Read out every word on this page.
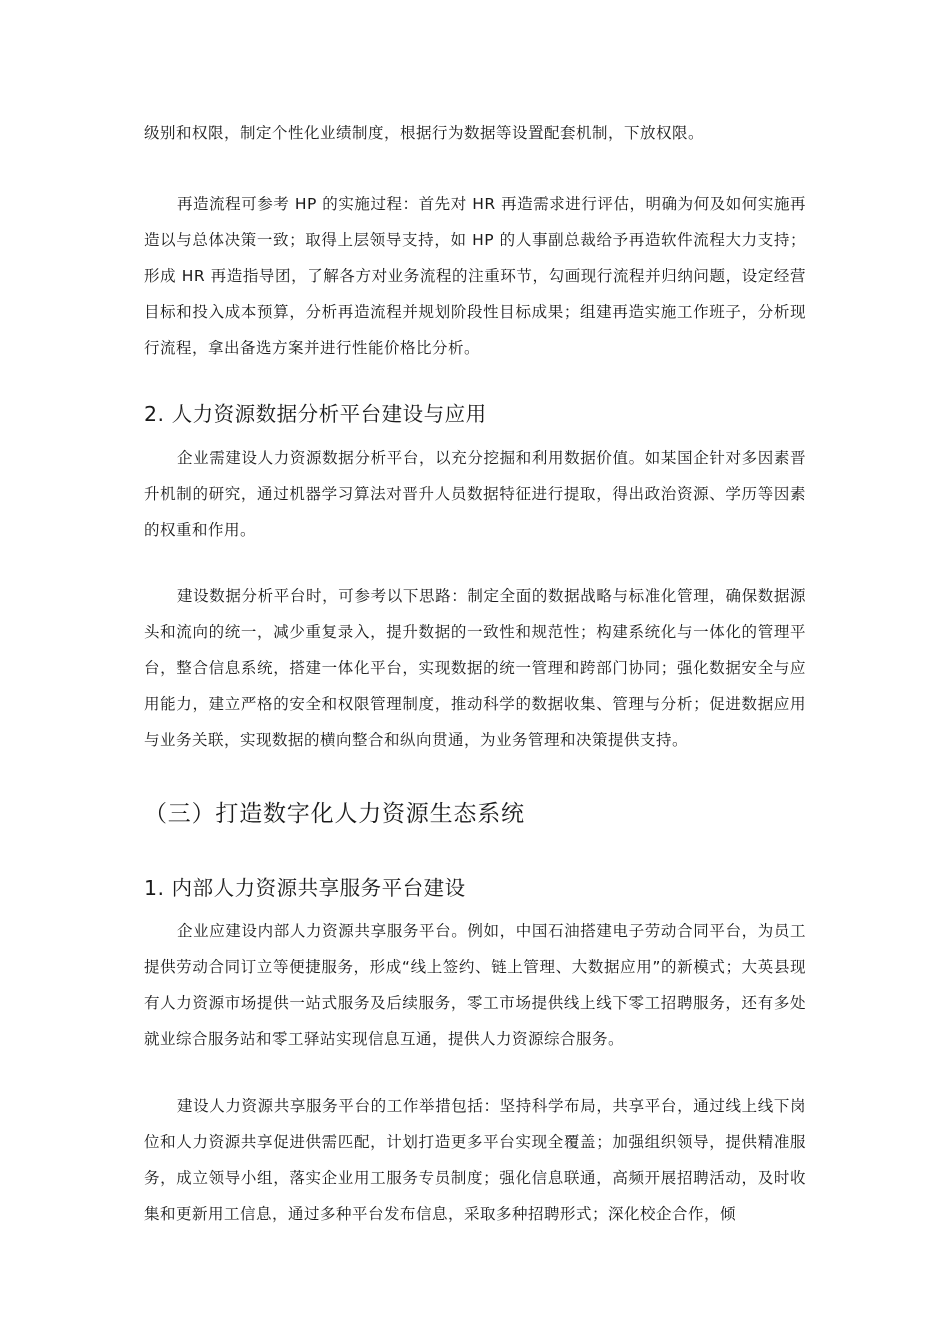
级别和权限，制定个性化业绩制度，根据行为数据等设置配套机制，下放权限。

再造流程可参考 HP 的实施过程：首先对 HR 再造需求进行评估，明确为何及如何实施再造以与总体决策一致；取得上层领导支持，如 HP 的人事副总裁给予再造软件流程大力支持；形成 HR 再造指导团，了解各方对业务流程的注重环节，勾画现行流程并归纳问题，设定经营目标和投入成本预算，分析再造流程并规划阶段性目标成果；组建再造实施工作班子，分析现行流程，拿出备选方案并进行性能价格比分析。

2. 人力资源数据分析平台建设与应用

企业需建设人力资源数据分析平台，以充分挖掘和利用数据价值。如某国企针对多因素晋升机制的研究，通过机器学习算法对晋升人员数据特征进行提取，得出政治资源、学历等因素的权重和作用。

建设数据分析平台时，可参考以下思路：制定全面的数据战略与标准化管理，确保数据源头和流向的统一，减少重复录入，提升数据的一致性和规范性；构建系统化与一体化的管理平台，整合信息系统，搭建一体化平台，实现数据的统一管理和跨部门协同；强化数据安全与应用能力，建立严格的安全和权限管理制度，推动科学的数据收集、管理与分析；促进数据应用与业务关联，实现数据的横向整合和纵向贯通，为业务管理和决策提供支持。

（三）打造数字化人力资源生态系统
1. 内部人力资源共享服务平台建设

企业应建设内部人力资源共享服务平台。例如，中国石油搭建电子劳动合同平台，为员工提供劳动合同订立等便捷服务，形成“线上签约、链上管理、大数据应用”的新模式；大英县现有人力资源市场提供一站式服务及后续服务，零工市场提供线上线下零工招聘服务，还有多处就业综合服务站和零工驿站实现信息互通，提供人力资源综合服务。

建设人力资源共享服务平台的工作举措包括：坚持科学布局，共享平台，通过线上线下岗位和人力资源共享促进供需匹配，计划打造更多平台实现全覆盖；加强组织领导，提供精准服务，成立领导小组，落实企业用工服务专员制度；强化信息联通，高频开展招聘活动，及时收集和更新用工信息，通过多种平台发布信息，采取多种招聘形式；深化校企合作，倾
